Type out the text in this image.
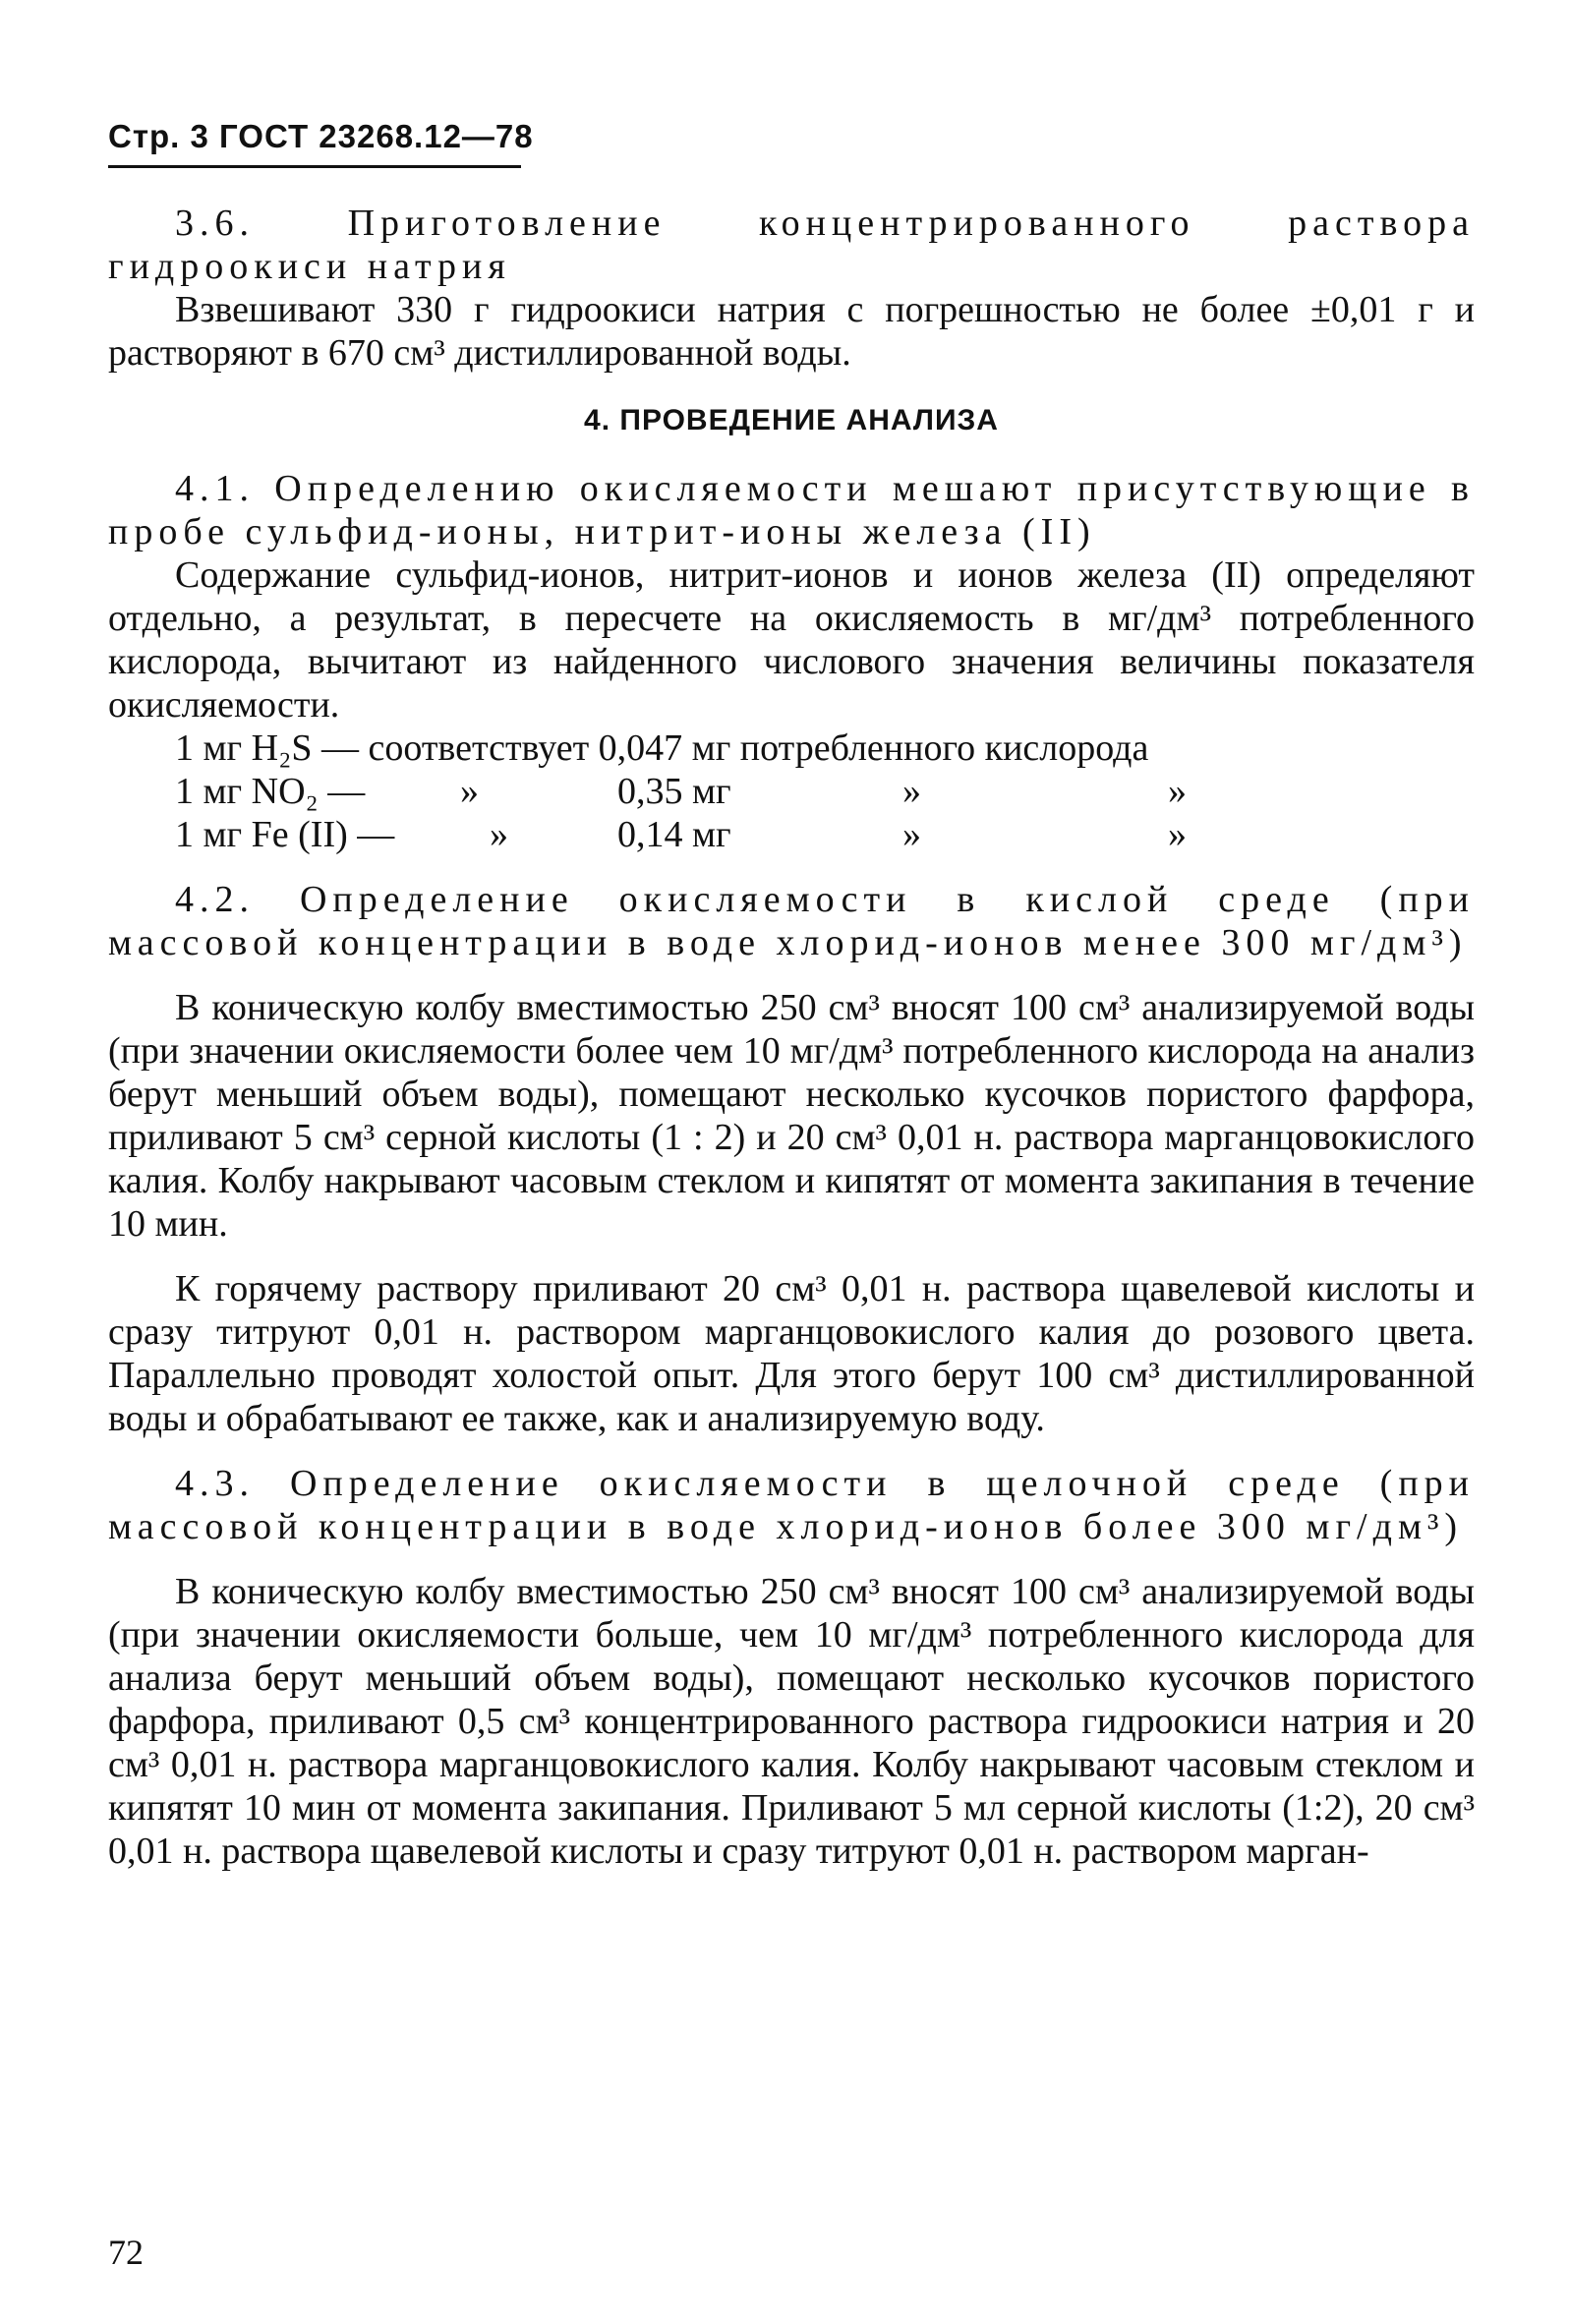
Стр. 3 ГОСТ 23268.12—78

3.6. Приготовление концентрированного раствора гидроокиси натрия

Взвешивают 330 г гидроокиси натрия с погрешностью не более ±0,01 г и растворяют в 670 см³ дистиллированной воды.

4. ПРОВЕДЕНИЕ АНАЛИЗА

4.1. Определению окисляемости мешают присутствующие в пробе сульфид-ионы, нитрит-ионы железа (II)

Содержание сульфид-ионов, нитрит-ионов и ионов железа (II) определяют отдельно, а результат, в пересчете на окисляемость в мг/дм³ потребленного кислорода, вычитают из найденного числового значения величины показателя окисляемости.

1 мг H₂S — соответствует 0,047 мг потребленного кислорода
1 мг NO₂ —	»	0,35 мг	»	»
1 мг Fe (II) —	»	0,14 мг	»	»

4.2. Определение окисляемости в кислой среде (при массовой концентрации в воде хлорид-ионов менее 300 мг/дм³)

В коническую колбу вместимостью 250 см³ вносят 100 см³ анализируемой воды (при значении окисляемости более чем 10 мг/дм³ потребленного кислорода на анализ берут меньший объем воды), помещают несколько кусочков пористого фарфора, приливают 5 см³ серной кислоты (1 : 2) и 20 см³ 0,01 н. раствора марганцовокислого калия. Колбу накрывают часовым стеклом и кипятят от момента закипания в течение 10 мин.

К горячему раствору приливают 20 см³ 0,01 н. раствора щавелевой кислоты и сразу титруют 0,01 н. раствором марганцовокислого калия до розового цвета. Параллельно проводят холостой опыт. Для этого берут 100 см³ дистиллированной воды и обрабатывают ее также, как и анализируемую воду.

4.3. Определение окисляемости в щелочной среде (при массовой концентрации в воде хлорид-ионов более 300 мг/дм³)

В коническую колбу вместимостью 250 см³ вносят 100 см³ анализируемой воды (при значении окисляемости больше, чем 10 мг/дм³ потребленного кислорода для анализа берут меньший объем воды), помещают несколько кусочков пористого фарфора, приливают 0,5 см³ концентрированного раствора гидроокиси натрия и 20 см³ 0,01 н. раствора марганцовокислого калия. Колбу накрывают часовым стеклом и кипятят 10 мин от момента закипания. Приливают 5 мл серной кислоты (1:2), 20 см³ 0,01 н. раствора щавелевой кислоты и сразу титруют 0,01 н. раствором марган-

72
